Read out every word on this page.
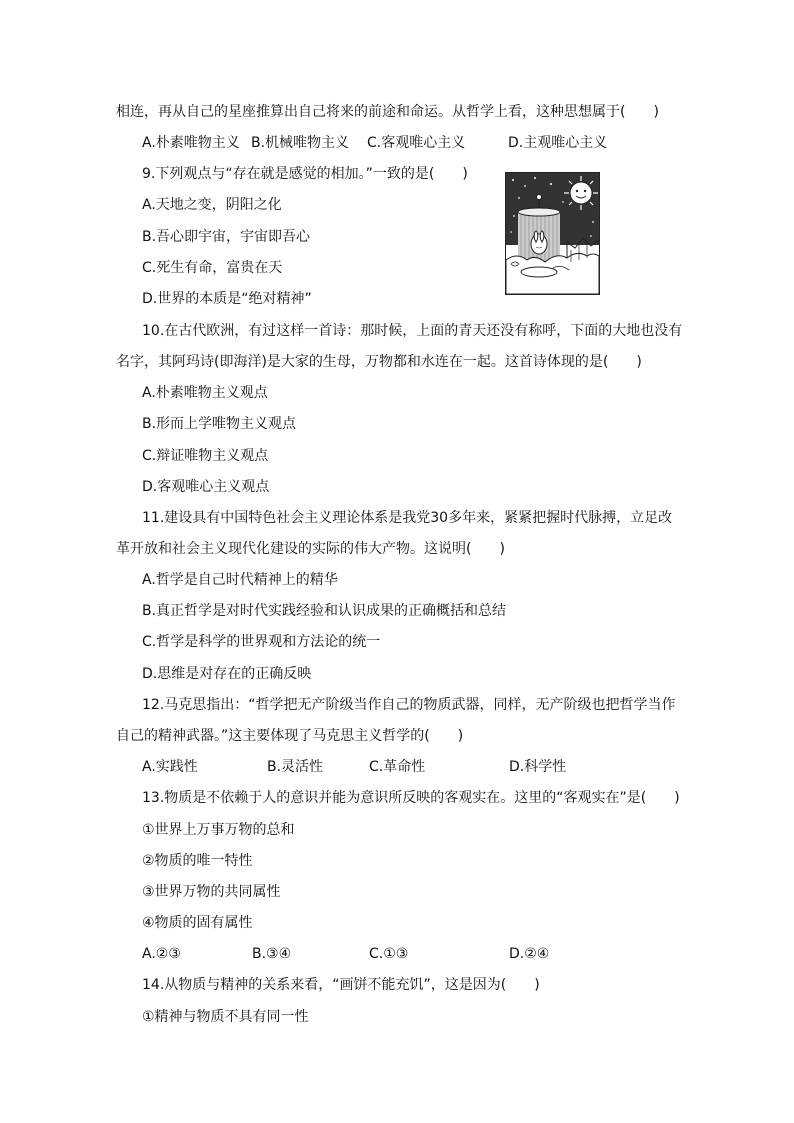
相连，再从自己的星座推算出自己将来的前途和命运。从哲学上看，这种思想属于(　　)
A.朴素唯物主义 B.机械唯物主义 C.客观唯心主义	D.主观唯心主义
9.下列观点与“存在就是感觉的相加。”一致的是(　　)
A.天地之变，阴阳之化
B.吾心即宇宙，宇宙即吾心
C.死生有命，富贵在天
D.世界的本质是“绝对精神”
10.在古代欧洲，有过这样一首诗：那时候，上面的青天还没有称呼，下面的大地也没有
名字，其阿玛诗(即海洋)是大家的生母，万物都和水连在一起。这首诗体现的是(　　)
A.朴素唯物主义观点
B.形而上学唯物主义观点
C.辩证唯物主义观点
D.客观唯心主义观点
11.建设具有中国特色社会主义理论体系是我党30多年来，紧紧把握时代脉搏，立足改
革开放和社会主义现代化建设的实际的伟大产物。这说明(　　)
A.哲学是自己时代精神上的精华
B.真正哲学是对时代实践经验和认识成果的正确概括和总结
C.哲学是科学的世界观和方法论的统一
D.思维是对存在的正确反映
12.马克思指出：“哲学把无产阶级当作自己的物质武器，同样，无产阶级也把哲学当作
自己的精神武器。”这主要体现了马克思主义哲学的(　　)
A.实践性	B.灵活性	C.革命性	D.科学性
13.物质是不依赖于人的意识并能为意识所反映的客观实在。这里的“客观实在”是(　　)
①世界上万事万物的总和
②物质的唯一特性
③世界万物的共同属性
④物质的固有属性
A.②③	B.③④	C.①③	D.②④
14.从物质与精神的关系来看，“画饼不能充饥”，这是因为(　　)
①精神与物质不具有同一性
